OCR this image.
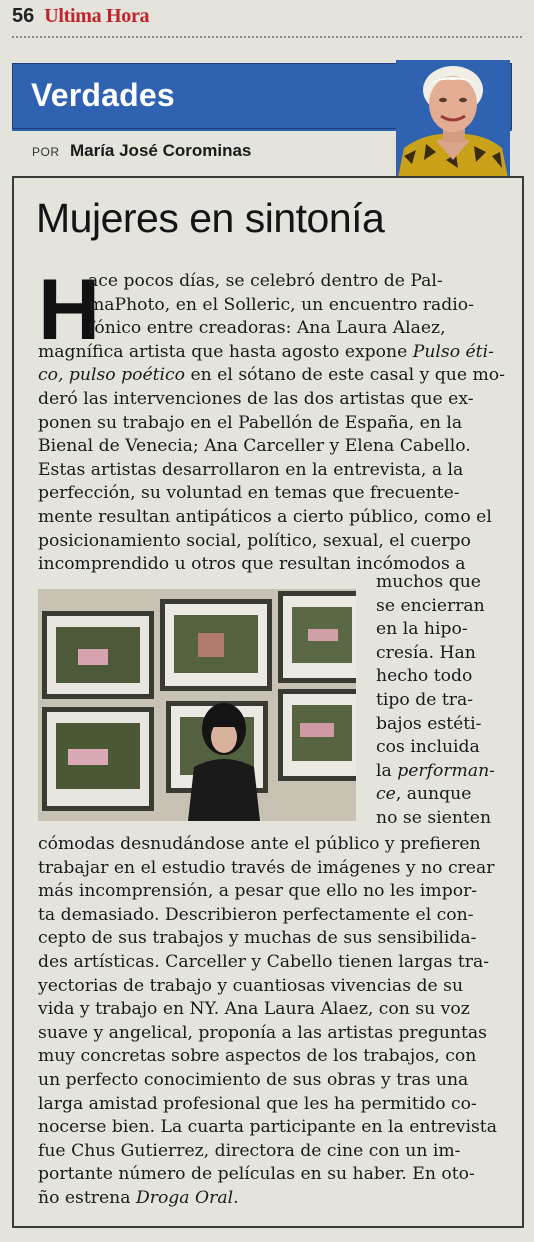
56 Ultima Hora
Verdades
POR María José Corominas
Mujeres en sintonía
H
ace pocos días, se celebró dentro de Pal-
maPhoto, en el Solleric, un encuentro radio-
fónico entre creadoras: Ana Laura Alaez,
magnífica artista que hasta agosto expone Pulso éti-
co, pulso poético en el sótano de este casal y que mo-
deró las intervenciones de las dos artistas que ex-
ponen su trabajo en el Pabellón de España, en la
Bienal de Venecia; Ana Carceller y Elena Cabello.
Estas artistas desarrollaron en la entrevista, a la
perfección, su voluntad en temas que frecuente-
mente resultan antipáticos a cierto público, como el
posicionamiento social, político, sexual, el cuerpo
incomprendido u otros que resultan incómodos a
muchos que
se encierran
en la hipo-
cresía. Han
hecho todo
tipo de tra-
bajos estéti-
cos incluida
la performan-
ce, aunque
no se sienten
cómodas desnudándose ante el público y prefieren
trabajar en el estudio través de imágenes y no crear
más incomprensión, a pesar que ello no les impor-
ta demasiado. Describieron perfectamente el con-
cepto de sus trabajos y muchas de sus sensibilida-
des artísticas. Carceller y Cabello tienen largas tra-
yectorias de trabajo y cuantiosas vivencias de su
vida y trabajo en NY. Ana Laura Alaez, con su voz
suave y angelical, proponía a las artistas preguntas
muy concretas sobre aspectos de los trabajos, con
un perfecto conocimiento de sus obras y tras una
larga amistad profesional que les ha permitido co-
nocerse bien. La cuarta participante en la entrevista
fue Chus Gutierrez, directora de cine con un im-
portante número de películas en su haber. En oto-
ño estrena Droga Oral.
